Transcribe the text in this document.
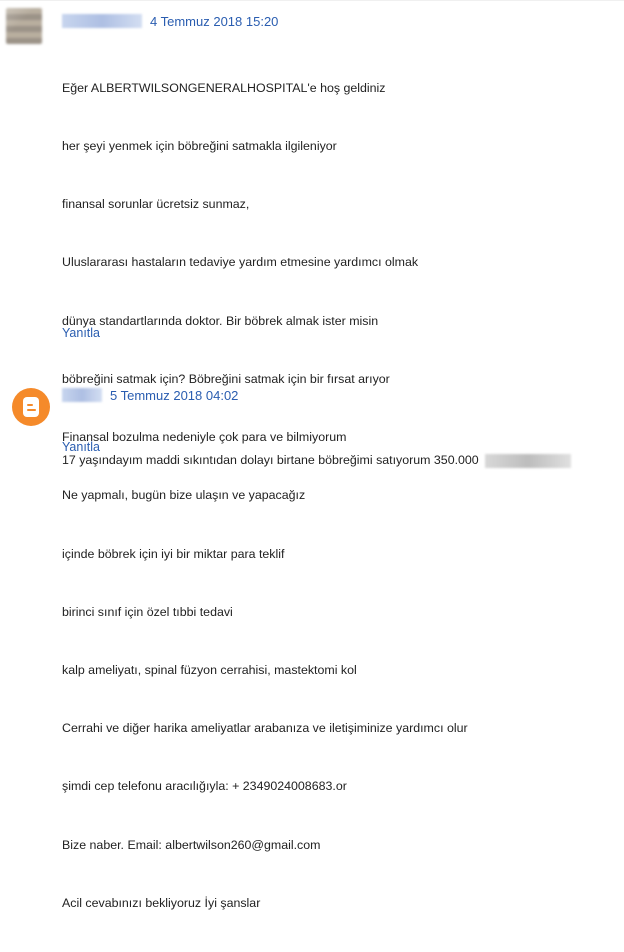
4 Temmuz 2018 15:20

Eğer ALBERTWILSONGENERALHOSPITAL'e hoş geldiniz

her şeyi yenmek için böbreğini satmakla ilgileniyor

finansal sorunlar ücretsiz sunmaz,

Uluslararası hastaların tedaviye yardım etmesine yardımcı olmak

dünya standartlarında doktor. Bir böbrek almak ister misin

böbreğini satmak için? Böbreğini satmak için bir fırsat arıyor

Finansal bozulma nedeniyle çok para ve bilmiyorum

Ne yapmalı, bugün bize ulaşın ve yapacağız

içinde böbrek için iyi bir miktar para teklif

birinci sınıf için özel tıbbi tedavi

kalp ameliyatı, spinal füzyon cerrahisi, mastektomi kol

Cerrahi ve diğer harika ameliyatlar arabanıza ve iletişiminize yardımcı olur

şimdi cep telefonu aracılığıyla: + 2349024008683.or

Bize naber. Email: albertwilson260@gmail.com

Acil cevabınızı bekliyoruz İyi şanslar

Yanıtla
5 Temmuz 2018 04:02

17 yaşındayım maddi sıkıntıdan dolayı birtane böbreğimi satıyorum 350.000

Yanıtla
